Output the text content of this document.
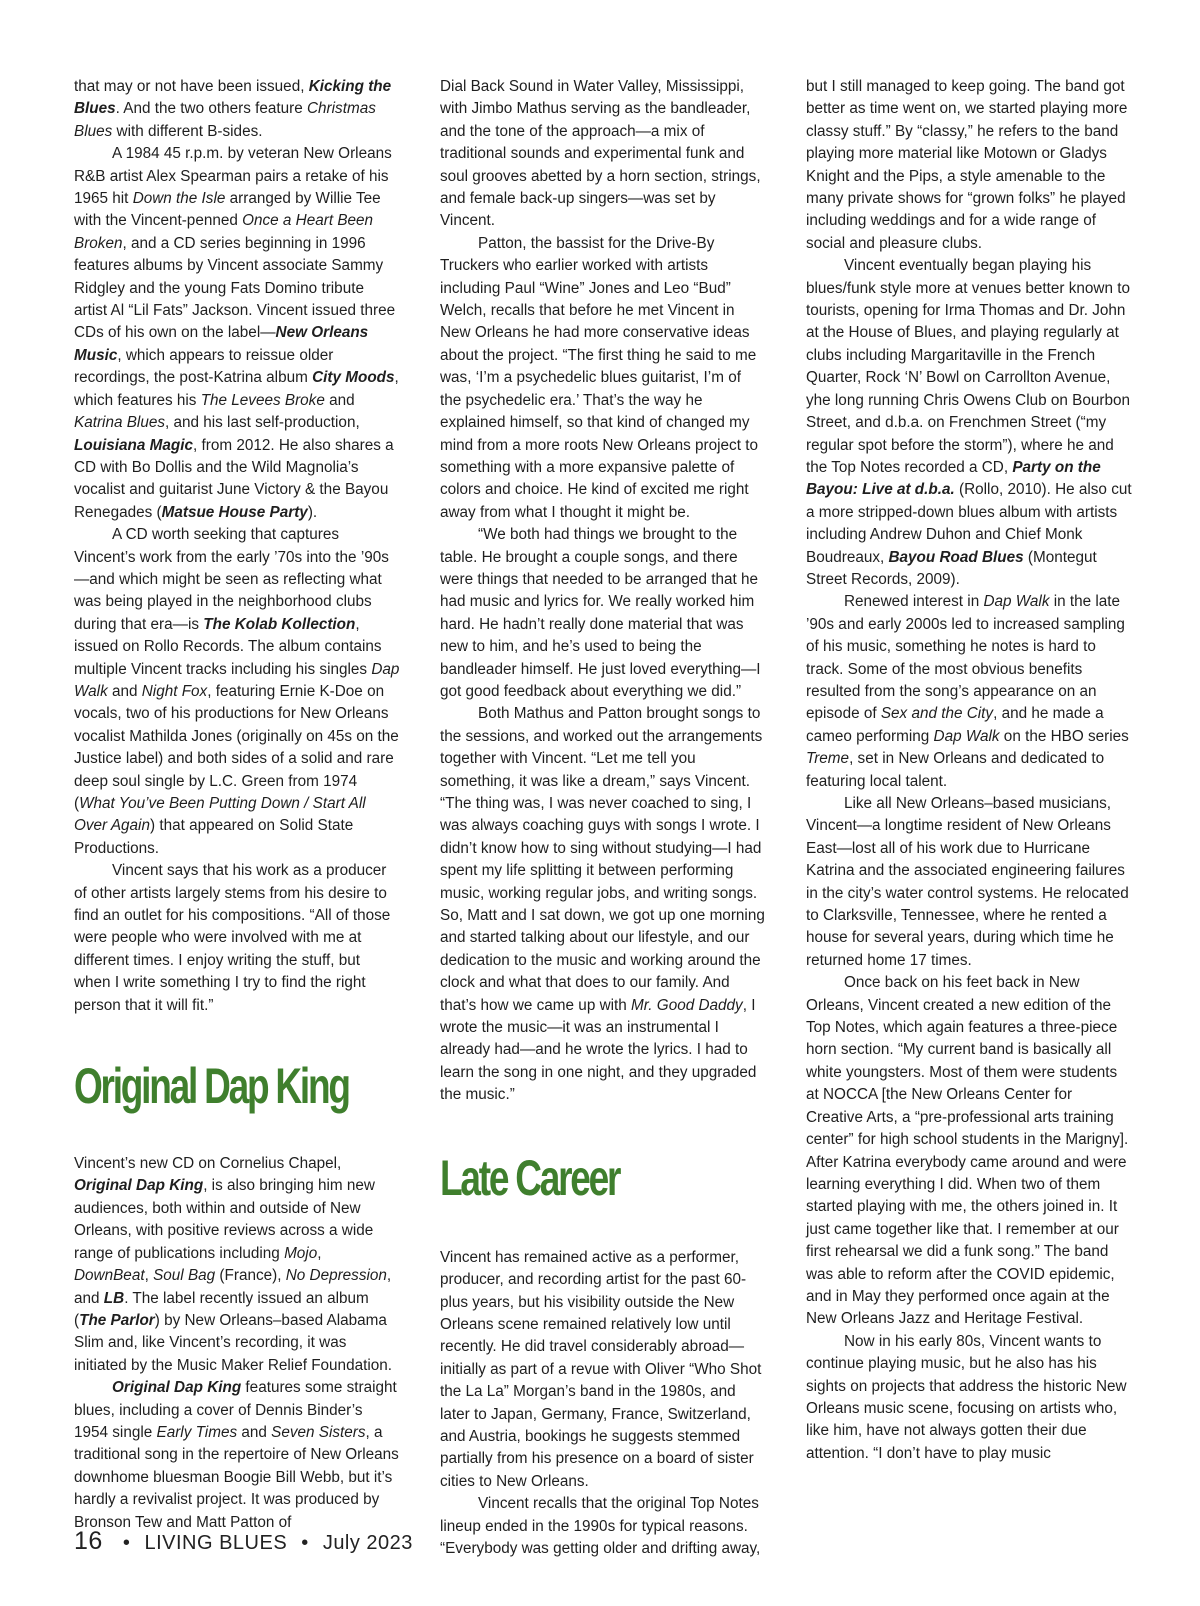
that may or not have been issued, Kicking the Blues. And the two others feature Christmas Blues with different B-sides.

A 1984 45 r.p.m. by veteran New Orleans R&B artist Alex Spearman pairs a retake of his 1965 hit Down the Isle arranged by Willie Tee with the Vincent-penned Once a Heart Been Broken, and a CD series beginning in 1996 features albums by Vincent associate Sammy Ridgley and the young Fats Domino tribute artist Al “Lil Fats” Jackson. Vincent issued three CDs of his own on the label—New Orleans Music, which appears to reissue older recordings, the post-Katrina album City Moods, which features his The Levees Broke and Katrina Blues, and his last self-production, Louisiana Magic, from 2012. He also shares a CD with Bo Dollis and the Wild Magnolia’s vocalist and guitarist June Victory & the Bayou Renegades (Matsue House Party).

A CD worth seeking that captures Vincent’s work from the early ’70s into the ’90s—and which might be seen as reflecting what was being played in the neighborhood clubs during that era—is The Kolab Kollection, issued on Rollo Records. The album contains multiple Vincent tracks including his singles Dap Walk and Night Fox, featuring Ernie K-Doe on vocals, two of his productions for New Orleans vocalist Mathilda Jones (originally on 45s on the Justice label) and both sides of a solid and rare deep soul single by L.C. Green from 1974 (What You’ve Been Putting Down / Start All Over Again) that appeared on Solid State Productions.

Vincent says that his work as a producer of other artists largely stems from his desire to find an outlet for his compositions. “All of those were people who were involved with me at different times. I enjoy writing the stuff, but when I write something I try to find the right person that it will fit.”

Original Dap King

Vincent’s new CD on Cornelius Chapel, Original Dap King, is also bringing him new audiences, both within and outside of New Orleans, with positive reviews across a wide range of publications including Mojo, DownBeat, Soul Bag (France), No Depression, and LB. The label recently issued an album (The Parlor) by New Orleans–based Alabama Slim and, like Vincent’s recording, it was initiated by the Music Maker Relief Foundation.

Original Dap King features some straight blues, including a cover of Dennis Binder’s 1954 single Early Times and Seven Sisters, a traditional song in the repertoire of New Orleans downhome bluesman Boogie Bill Webb, but it’s hardly a revivalist project. It was produced by Bronson Tew and Matt Patton of

Dial Back Sound in Water Valley, Mississippi, with Jimbo Mathus serving as the bandleader, and the tone of the approach—a mix of traditional sounds and experimental funk and soul grooves abetted by a horn section, strings, and female back-up singers—was set by Vincent.

Patton, the bassist for the Drive-By Truckers who earlier worked with artists including Paul “Wine” Jones and Leo “Bud” Welch, recalls that before he met Vincent in New Orleans he had more conservative ideas about the project. “The first thing he said to me was, ‘I’m a psychedelic blues guitarist, I’m of the psychedelic era.’ That’s the way he explained himself, so that kind of changed my mind from a more roots New Orleans project to something with a more expansive palette of colors and choice. He kind of excited me right away from what I thought it might be.

“We both had things we brought to the table. He brought a couple songs, and there were things that needed to be arranged that he had music and lyrics for. We really worked him hard. He hadn’t really done material that was new to him, and he’s used to being the bandleader himself. He just loved everything—I got good feedback about everything we did.”

Both Mathus and Patton brought songs to the sessions, and worked out the arrangements together with Vincent. “Let me tell you something, it was like a dream,” says Vincent. “The thing was, I was never coached to sing, I was always coaching guys with songs I wrote. I didn’t know how to sing without studying—I had spent my life splitting it between performing music, working regular jobs, and writing songs. So, Matt and I sat down, we got up one morning and started talking about our lifestyle, and our dedication to the music and working around the clock and what that does to our family. And that’s how we came up with Mr. Good Daddy, I wrote the music—it was an instrumental I already had—and he wrote the lyrics. I had to learn the song in one night, and they upgraded the music.”

Late Career

Vincent has remained active as a performer, producer, and recording artist for the past 60-plus years, but his visibility outside the New Orleans scene remained relatively low until recently. He did travel considerably abroad—initially as part of a revue with Oliver “Who Shot the La La” Morgan’s band in the 1980s, and later to Japan, Germany, France, Switzerland, and Austria, bookings he suggests stemmed partially from his presence on a board of sister cities to New Orleans.

Vincent recalls that the original Top Notes lineup ended in the 1990s for typical reasons. “Everybody was getting older and drifting away,

but I still managed to keep going. The band got better as time went on, we started playing more classy stuff.” By “classy,” he refers to the band playing more material like Motown or Gladys Knight and the Pips, a style amenable to the many private shows for “grown folks” he played including weddings and for a wide range of social and pleasure clubs.

Vincent eventually began playing his blues/funk style more at venues better known to tourists, opening for Irma Thomas and Dr. John at the House of Blues, and playing regularly at clubs including Margaritaville in the French Quarter, Rock ‘N’ Bowl on Carrollton Avenue, yhe long running Chris Owens Club on Bourbon Street, and d.b.a. on Frenchmen Street (“my regular spot before the storm”), where he and the Top Notes recorded a CD, Party on the Bayou: Live at d.b.a. (Rollo, 2010). He also cut a more stripped-down blues album with artists including Andrew Duhon and Chief Monk Boudreaux, Bayou Road Blues (Montegut Street Records, 2009).

Renewed interest in Dap Walk in the late ’90s and early 2000s led to increased sampling of his music, something he notes is hard to track. Some of the most obvious benefits resulted from the song’s appearance on an episode of Sex and the City, and he made a cameo performing Dap Walk on the HBO series Treme, set in New Orleans and dedicated to featuring local talent.

Like all New Orleans–based musicians, Vincent—a longtime resident of New Orleans East—lost all of his work due to Hurricane Katrina and the associated engineering failures in the city’s water control systems. He relocated to Clarksville, Tennessee, where he rented a house for several years, during which time he returned home 17 times.

Once back on his feet back in New Orleans, Vincent created a new edition of the Top Notes, which again features a three-piece horn section. “My current band is basically all white youngsters. Most of them were students at NOCCA [the New Orleans Center for Creative Arts, a “pre-professional arts training center” for high school students in the Marigny]. After Katrina everybody came around and were learning everything I did. When two of them started playing with me, the others joined in. It just came together like that. I remember at our first rehearsal we did a funk song.” The band was able to reform after the COVID epidemic, and in May they performed once again at the New Orleans Jazz and Heritage Festival.

Now in his early 80s, Vincent wants to continue playing music, but he also has his sights on projects that address the historic New Orleans music scene, focusing on artists who, like him, have not always gotten their due attention. “I don’t have to play music

16 • LIVING BLUES • July 2023
